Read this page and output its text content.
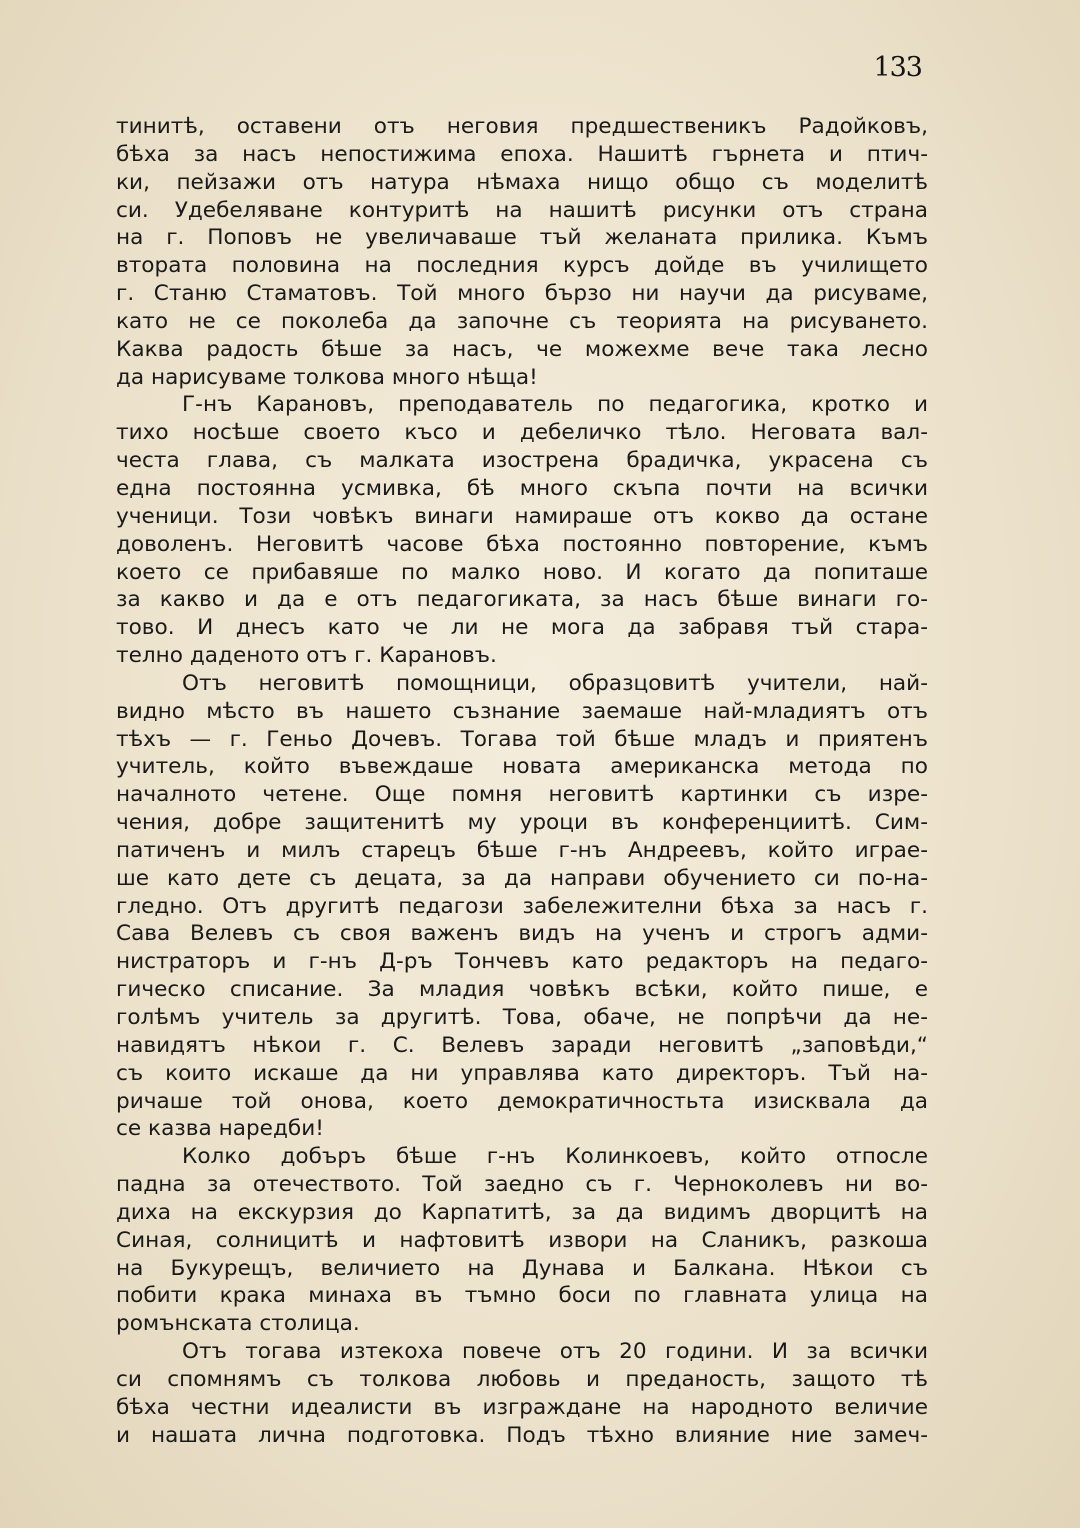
133
тинитѣ, оставени отъ неговия предшественикъ Радойковъ,
бѣха за насъ непостижима епоха. Нашитѣ гърнета и птич-
ки, пейзажи отъ натура нѣмаха нищо общо съ моделитѣ
си. Удебеляване контуритѣ на нашитѣ рисунки отъ страна
на г. Поповъ не увеличаваше тъй желаната прилика. Къмъ
втората половина на последния курсъ дойде въ училището
г. Станю Стаматовъ. Той много бързо ни научи да рисуваме,
като не се поколеба да започне съ теорията на рисуването.
Каква радость бѣше за насъ, че можехме вече така лесно
да нарисуваме толкова много нѣща!
Г-нъ Карановъ, преподаватель по педагогика, кротко и
тихо носѣше своето късо и дебеличко тѣло. Неговата вал-
честа глава, съ малката изострена брадичка, украсена съ
една постоянна усмивка, бѣ много скъпа почти на всички
ученици. Този човѣкъ винаги намираше отъ кокво да остане
доволенъ. Неговитѣ часове бѣха постоянно повторение, къмъ
което се прибавяше по малко ново. И когато да попиташе
за какво и да е отъ педагогиката, за насъ бѣше винаги го-
тово. И днесъ като че ли не мога да забравя тъй стара-
телно даденото отъ г. Карановъ.
Отъ неговитѣ помощници, образцовитѣ учители, най-
видно мѣсто въ нашето съзнание заемаше най-младиятъ отъ
тѣхъ — г. Геньо Дочевъ. Тогава той бѣше младъ и приятенъ
учитель, който въвеждаше новата американска метода по
началното четене. Още помня неговитѣ картинки съ изре-
чения, добре защитенитѣ му уроци въ конференциитѣ. Сим-
патиченъ и милъ старецъ бѣше г-нъ Андреевъ, който играе-
ше като дете съ децата, за да направи обучението си по-на-
гледно. Отъ другитѣ педагози забележителни бѣха за насъ г.
Сава Велевъ съ своя важенъ видъ на ученъ и строгъ адми-
нистраторъ и г-нъ Д-ръ Тончевъ като редакторъ на педаго-
гическо списание. За младия човѣкъ всѣки, който пише, е
голѣмъ учитель за другитѣ. Това, обаче, не попрѣчи да не-
навидятъ нѣкои г. С. Велевъ заради неговитѣ „заповѣди,“
съ които искаше да ни управлява като директоръ. Тъй на-
ричаше той онова, което демократичностьта изисквала да
се казва наредби!
Колко добъръ бѣше г-нъ Колинкоевъ, който отпосле
падна за отечеството. Той заедно съ г. Черноколевъ ни во-
диха на екскурзия до Карпатитѣ, за да видимъ дворцитѣ на
Синая, солницитѣ и нафтовитѣ извори на Сланикъ, разкоша
на Букурещъ, величието на Дунава и Балкана. Нѣкои съ
побити крака минаха въ тъмно боси по главната улица на
ромънската столица.
Отъ тогава изтекоха повече отъ 20 години. И за всички
си спомнямъ съ толкова любовь и преданость, защото тѣ
бѣха честни идеалисти въ изграждане на народното величие
и нашата лична подготовка. Подъ тѣхно влияние ние замеч-
